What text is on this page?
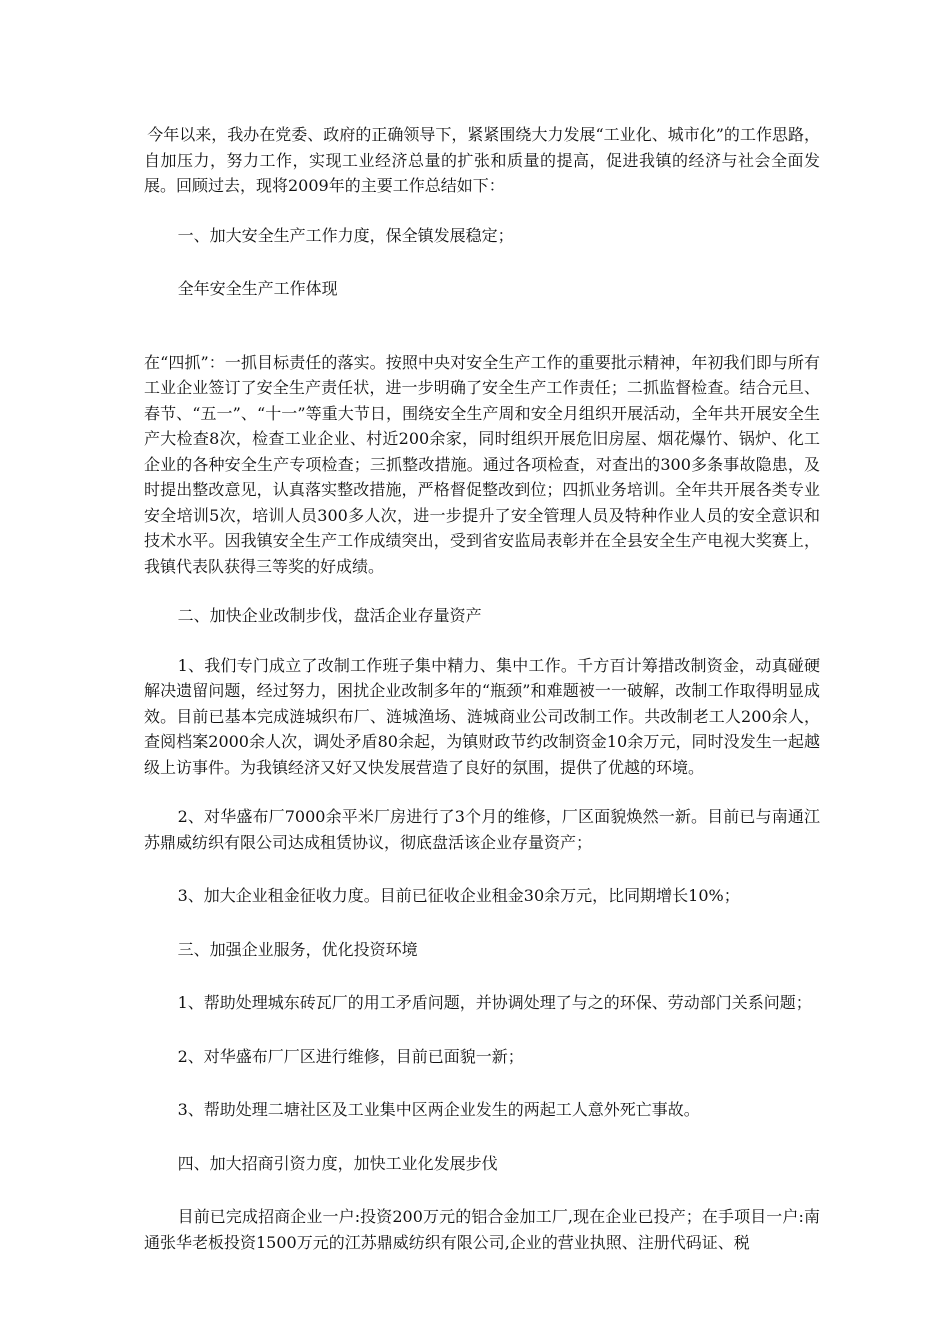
今年以来，我办在党委、政府的正确领导下，紧紧围绕大力发展“工业化、城市化”的工作思路，自加压力，努力工作，实现工业经济总量的扩张和质量的提高，促进我镇的经济与社会全面发展。回顾过去，现将2009年的主要工作总结如下：

一、加大安全生产工作力度，保全镇发展稳定；

全年安全生产工作体现

在“四抓”：一抓目标责任的落实。按照中央对安全生产工作的重要批示精神，年初我们即与所有工业企业签订了安全生产责任状，进一步明确了安全生产工作责任；二抓监督检查。结合元旦、春节、“五一”、“十一”等重大节日，围绕安全生产周和安全月组织开展活动，全年共开展安全生产大检查8次，检查工业企业、村近200余家，同时组织开展危旧房屋、烟花爆竹、锅炉、化工企业的各种安全生产专项检查；三抓整改措施。通过各项检查，对查出的300多条事故隐患，及时提出整改意见，认真落实整改措施，严格督促整改到位；四抓业务培训。全年共开展各类专业安全培训5次，培训人员300多人次，进一步提升了安全管理人员及特种作业人员的安全意识和技术水平。因我镇安全生产工作成绩突出，受到省安监局表彰并在全县安全生产电视大奖赛上，我镇代表队获得三等奖的好成绩。

二、加快企业改制步伐，盘活企业存量资产

1、我们专门成立了改制工作班子集中精力、集中工作。千方百计筹措改制资金，动真碰硬解决遗留问题，经过努力，困扰企业改制多年的“瓶颈”和难题被一一破解，改制工作取得明显成效。目前已基本完成涟城织布厂、涟城渔场、涟城商业公司改制工作。共改制老工人200余人，查阅档案2000余人次，调处矛盾80余起，为镇财政节约改制资金10余万元，同时没发生一起越级上访事件。为我镇经济又好又快发展营造了良好的氛围，提供了优越的环境。

2、对华盛布厂7000余平米厂房进行了3个月的维修，厂区面貌焕然一新。目前已与南通江苏鼎威纺织有限公司达成租赁协议，彻底盘活该企业存量资产；

3、加大企业租金征收力度。目前已征收企业租金30余万元，比同期增长10%；

三、加强企业服务，优化投资环境

1、帮助处理城东砖瓦厂的用工矛盾问题，并协调处理了与之的环保、劳动部门关系问题；

2、对华盛布厂厂区进行维修，目前已面貌一新；

3、帮助处理二塘社区及工业集中区两企业发生的两起工人意外死亡事故。

四、加大招商引资力度，加快工业化发展步伐

目前已完成招商企业一户:投资200万元的铝合金加工厂,现在企业已投产；在手项目一户:南通张华老板投资1500万元的江苏鼎威纺织有限公司,企业的营业执照、注册代码证、税
